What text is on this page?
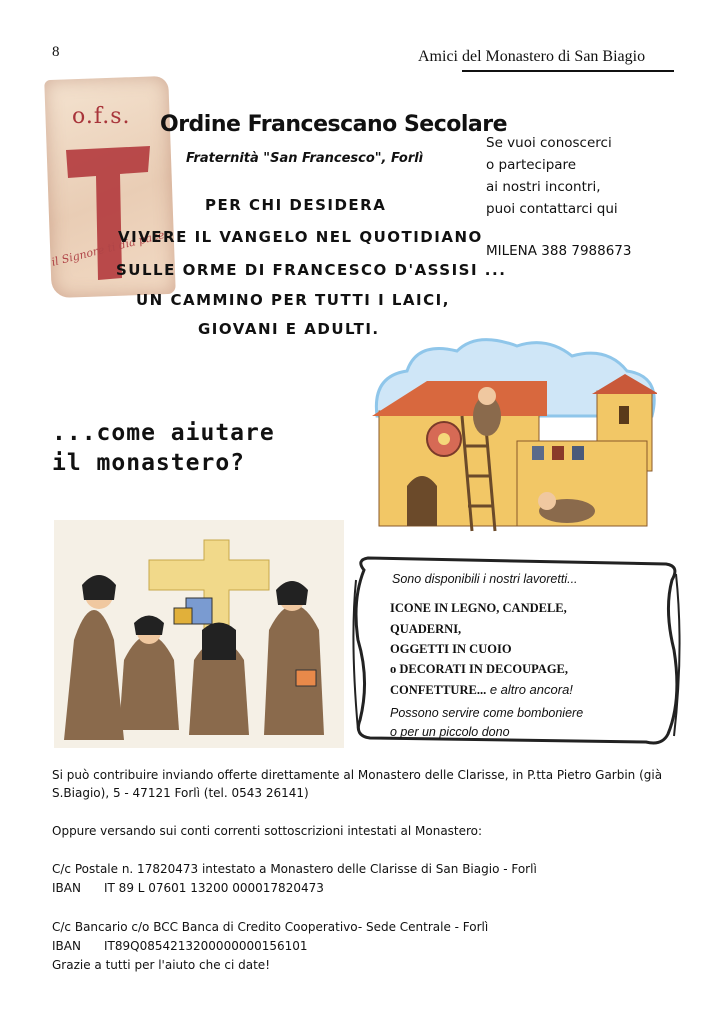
8	Amici del Monastero di San Biagio
o.f.s.
il Signore ti dia pace
Ordine Francescano Secolare
Fraternità "San Francesco", Forlì
PER CHI DESIDERA
VIVERE IL VANGELO NEL QUOTIDIANO
SULLE ORME DI FRANCESCO D'ASSISI ...
UN CAMMINO PER TUTTI I LAICI,
GIOVANI E ADULTI.
Se vuoi conoscerci
o partecipare
ai nostri incontri,
puoi contattarci qui
MILENA 388 7988673
...come aiutare
il monastero?
Sono disponibili i nostri lavoretti...
ICONE IN LEGNO, CANDELE,
QUADERNI,
OGGETTI IN CUOIO
o DECORATI IN DECOUPAGE,
CONFETTURE... e altro ancora!
Possono servire come bomboniere
o per un piccolo dono
Si può contribuire inviando offerte direttamente al Monastero delle Clarisse, in P.tta Pietro Garbin (già
S.Biagio), 5 - 47121 Forlì (tel. 0543 26141)
Oppure versando sui conti correnti sottoscrizioni intestati al Monastero:
C/c Postale n. 17820473 intestato a Monastero delle Clarisse di San Biagio - Forlì
IBAN IT 89 L 07601 13200 000017820473
C/c Bancario c/o BCC Banca di Credito Cooperativo- Sede Centrale - Forlì
IBAN IT89Q0854213200000000156101
Grazie a tutti per l'aiuto che ci date!
